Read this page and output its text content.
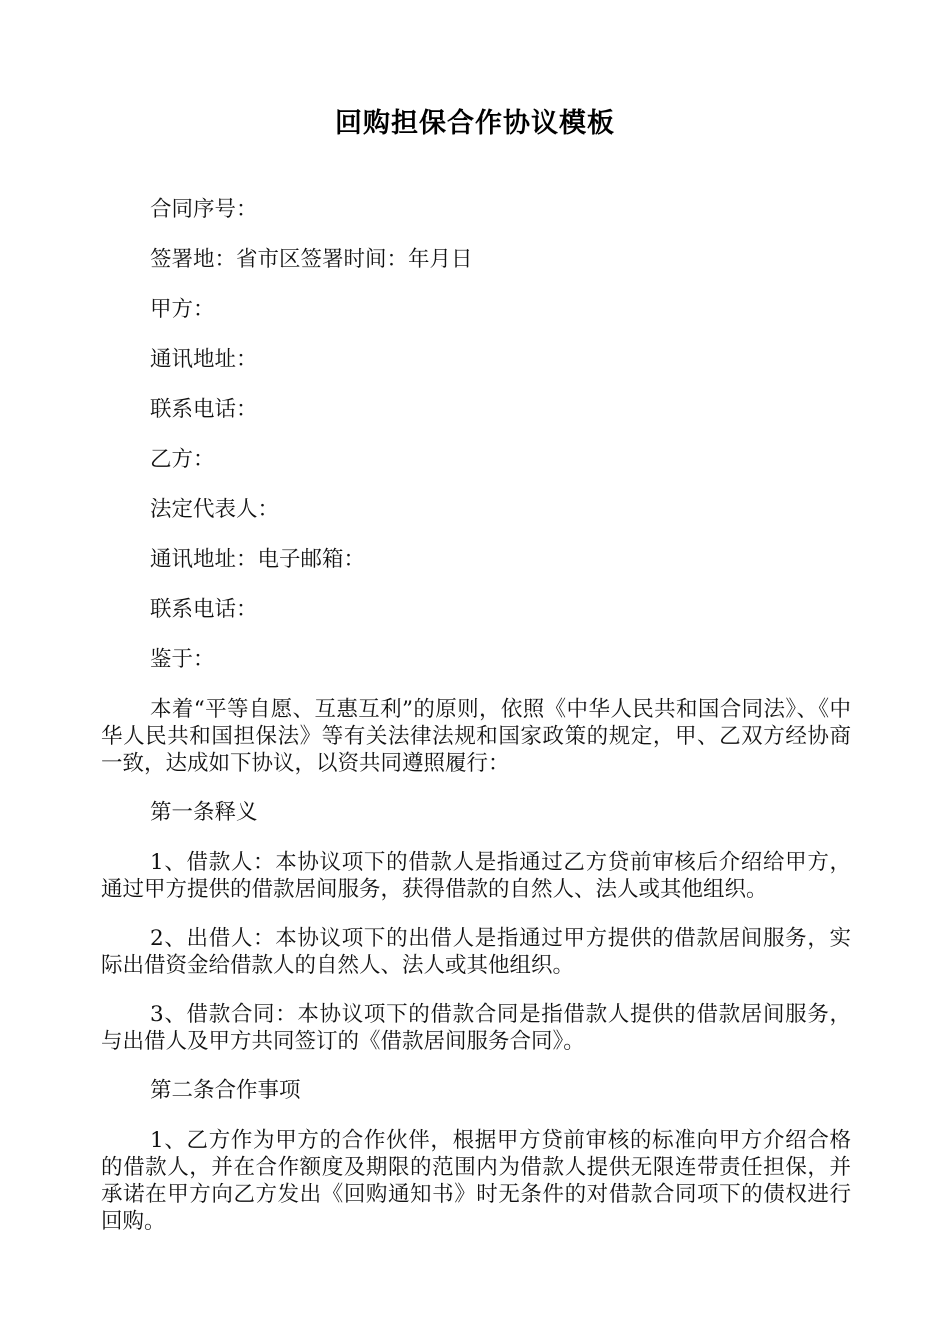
回购担保合作协议模板
合同序号：
签署地：省市区签署时间：年月日
甲方：
通讯地址：
联系电话：
乙方：
法定代表人：
通讯地址：电子邮箱：
联系电话：
鉴于：
本着“平等自愿、互惠互利”的原则，依照《中华人民共和国合同法》、《中华人民共和国担保法》等有关法律法规和国家政策的规定，甲、乙双方经协商一致，达成如下协议，以资共同遵照履行：
第一条释义
1、借款人：本协议项下的借款人是指通过乙方贷前审核后介绍给甲方，通过甲方提供的借款居间服务，获得借款的自然人、法人或其他组织。
2、出借人：本协议项下的出借人是指通过甲方提供的借款居间服务，实际出借资金给借款人的自然人、法人或其他组织。
3、借款合同：本协议项下的借款合同是指借款人提供的借款居间服务，与出借人及甲方共同签订的《借款居间服务合同》。
第二条合作事项
1、乙方作为甲方的合作伙伴，根据甲方贷前审核的标准向甲方介绍合格的借款人，并在合作额度及期限的范围内为借款人提供无限连带责任担保，并承诺在甲方向乙方发出《回购通知书》时无条件的对借款合同项下的债权进行回购。
